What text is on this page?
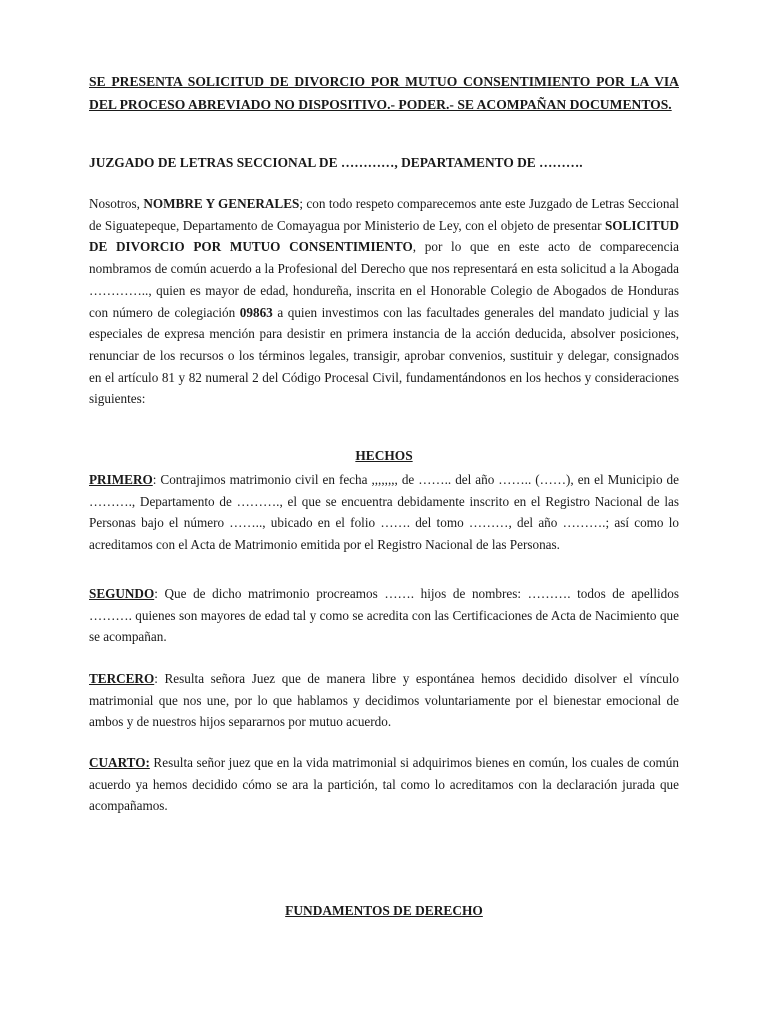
SE PRESENTA SOLICITUD DE DIVORCIO POR MUTUO CONSENTIMIENTO POR LA VIA DEL PROCESO ABREVIADO NO DISPOSITIVO.- PODER.- SE ACOMPAÑAN DOCUMENTOS.
JUZGADO DE LETRAS SECCIONAL DE …………, DEPARTAMENTO DE ……….
Nosotros, NOMBRE Y GENERALES; con todo respeto comparecemos ante este Juzgado de Letras Seccional de Siguatepeque, Departamento de Comayagua por Ministerio de Ley, con el objeto de presentar SOLICITUD DE DIVORCIO POR MUTUO CONSENTIMIENTO, por lo que en este acto de comparecencia nombramos de común acuerdo a la Profesional del Derecho que nos representará en esta solicitud a la Abogada ………….., quien es mayor de edad, hondureña, inscrita en el Honorable Colegio de Abogados de Honduras con número de colegiación 09863 a quien investimos con las facultades generales del mandato judicial y las especiales de expresa mención para desistir en primera instancia de la acción deducida, absolver posiciones, renunciar de los recursos o los términos legales, transigir, aprobar convenios, sustituir y delegar, consignados en el artículo 81 y 82 numeral 2 del Código Procesal Civil, fundamentándonos en los hechos y consideraciones siguientes:
HECHOS
PRIMERO: Contrajimos matrimonio civil en fecha ,,,,,,,, de …….. del año …….. (……), en el Municipio de ………., Departamento de ………., el que se encuentra debidamente inscrito en el Registro Nacional de las Personas bajo el número …….., ubicado en el folio ……. del tomo ………, del año ……….; así como lo acreditamos con el Acta de Matrimonio emitida por el Registro Nacional de las Personas.
SEGUNDO: Que de dicho matrimonio procreamos ……. hijos de nombres: ………. todos de apellidos ………. quienes son mayores de edad tal y como se acredita con las Certificaciones de Acta de Nacimiento que se acompañan.
TERCERO: Resulta señora Juez que de manera libre y espontánea hemos decidido disolver el vínculo matrimonial que nos une, por lo que hablamos y decidimos voluntariamente por el bienestar emocional de ambos y de nuestros hijos separarnos por mutuo acuerdo.
CUARTO: Resulta señor juez que en la vida matrimonial si adquirimos bienes en común, los cuales de común acuerdo ya hemos decidido cómo se ara la partición, tal como lo acreditamos con la declaración jurada que acompañamos.
FUNDAMENTOS DE DERECHO
